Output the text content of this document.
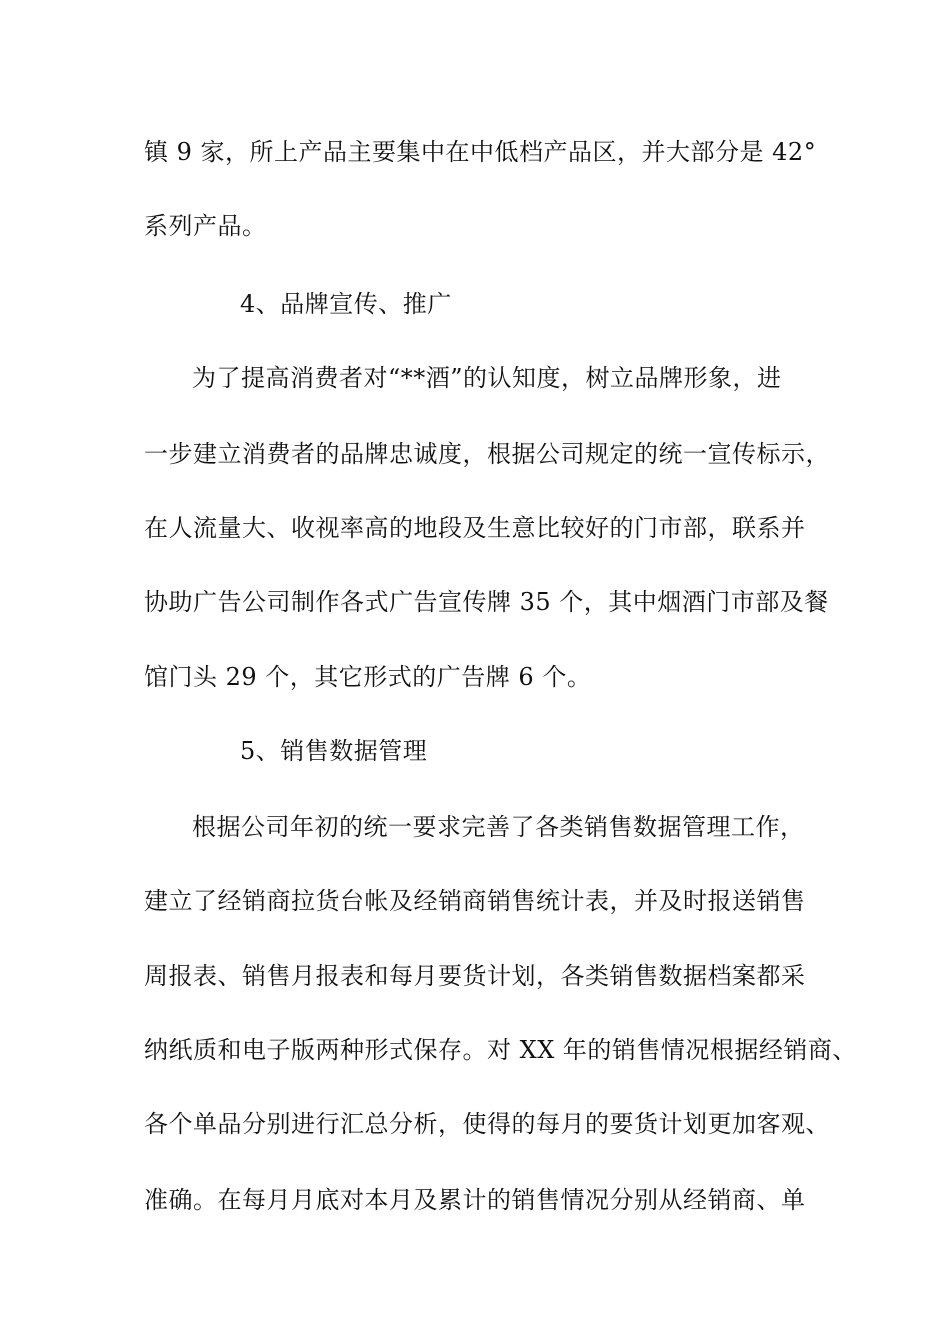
镇 9 家，所上产品主要集中在中低档产品区，并大部分是 42°
系列产品。
4、品牌宣传、推广
为了提高消费者对“**酒”的认知度，树立品牌形象，进
一步建立消费者的品牌忠诚度，根据公司规定的统一宣传标示，
在人流量大、收视率高的地段及生意比较好的门市部，联系并
协助广告公司制作各式广告宣传牌 35 个，其中烟酒门市部及餐
馆门头 29 个，其它形式的广告牌 6 个。
5、销售数据管理
根据公司年初的统一要求完善了各类销售数据管理工作，
建立了经销商拉货台帐及经销商销售统计表，并及时报送销售
周报表、销售月报表和每月要货计划，各类销售数据档案都采
纳纸质和电子版两种形式保存。对 XX 年的销售情况根据经销商、
各个单品分别进行汇总分析，使得的每月的要货计划更加客观、
准确。在每月月底对本月及累计的销售情况分别从经销商、单
